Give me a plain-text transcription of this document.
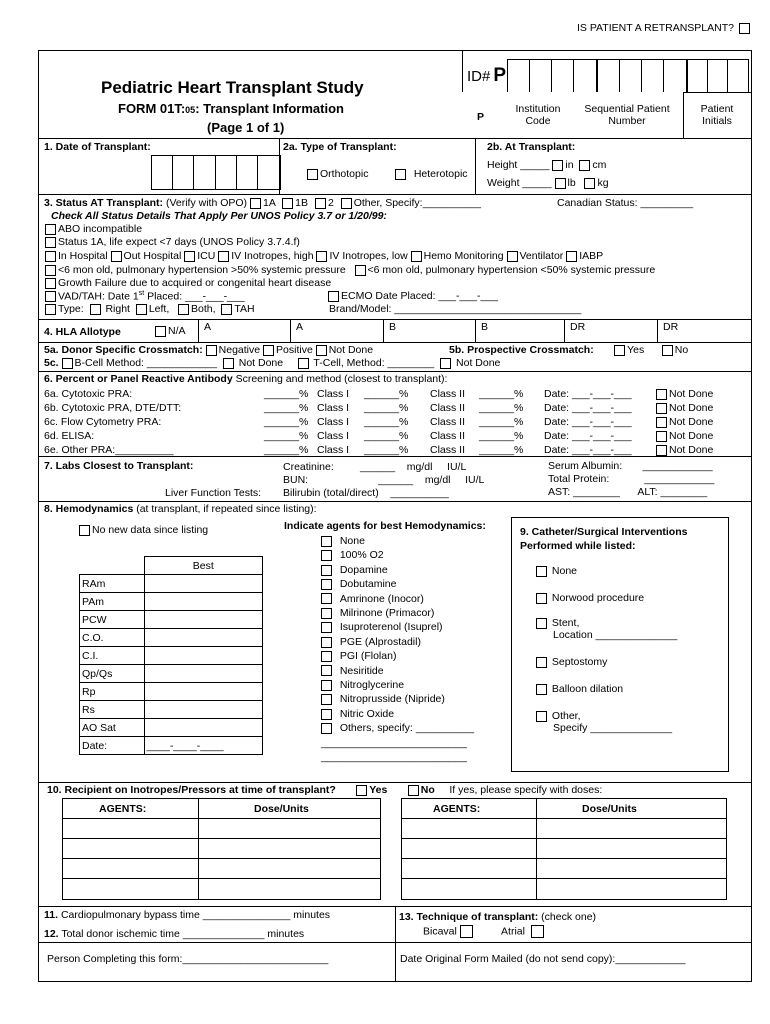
IS PATIENT A RETRANSPLANT?
Pediatric Heart Transplant Study
FORM 01T:05: Transplant Information
(Page 1 of 1)
ID# P
P
Institution Code
Sequential Patient Number
Patient Initials
1. Date of Transplant:	2a. Type of Transplant:
Orthotopic	Heterotopic
2b. At Transplant:
Height _____ in cm
Weight _____ lb kg
3. Status AT Transplant: (Verify with OPO) 1A 1B 2 Other, Specify:__________	Canadian Status: _________
Check All Status Details That Apply Per UNOS Policy 3.7 or 1/20/99:
ABO incompatible
Status 1A, life expect <7 days (UNOS Policy 3.7.4.f)
In Hospital Out Hospital ICU IV Inotropes, high IV Inotropes, low Hemo Monitoring Ventilator IABP
<6 mon old, pulmonary hypertension >50% systemic pressure <6 mon old, pulmonary hypertension <50% systemic pressure
Growth Failure due to acquired or congenital heart disease
VAD/TAH: Date 1st Placed: ___-___-___	ECMO Date Placed: ___-___-___
Type: Right Left, Both, TAH	Brand/Model: ________________________________
4. HLA Allotype	N/A A	A	B	B	DR	DR
5a. Donor Specific Crossmatch: Negative Positive Not Done	5b. Prospective Crossmatch:	Yes	No
5c. B-Cell Method: ____________ Not Done	T-Cell, Method: ________ Not Done
6. Percent or Panel Reactive Antibody Screening and method (closest to transplant):
6a. Cytotoxic PRA:	______% Class I ______% Class II ______% Date: ___-___-___	Not Done
6b. Cytotoxic PRA, DTE/DTT:	______% Class I ______% Class II ______% Date: ___-___-___	Not Done
6c. Flow Cytometry PRA:	______% Class I ______% Class II ______% Date: ___-___-___	Not Done
6d. ELISA:	______% Class I ______% Class II ______% Date: ___-___-___	Not Done
6e. Other PRA:__________	______% Class I ______% Class II ______% Date: ___-___-___	Not Done
7. Labs Closest to Transplant:	Creatinine:	______ mg/dl IU/L
BUN:	______ mg/dl IU/L
Liver Function Tests: Bilirubin (total/direct) __________
Serum Albumin: ____________
Total Protein:	____________
AST: ________ ALT: ________
8. Hemodynamics (at transplant, if repeated since listing):
No new data since listing
	Best
RAm	
PAm	
PCW	
C.O.	
C.I.	
Qp/Qs	
Rp	
Rs	
AO Sat	
Date:	____-____-____
Indicate agents for best Hemodynamics:
None
100% O2
Dopamine
Dobutamine
Amrinone (Inocor)
Milrinone (Primacor)
Isuproterenol (Isuprel)
PGE (Alprostadil)
PGI (Flolan)
Nesiritide
Nitroglycerine
Nitroprusside (Nipride)
Nitric Oxide
Others, specify: __________
_________________________
_________________________
9. Catheter/Surgical Interventions Performed while listed:
None
Norwood procedure
Stent,
Location ______________
Septostomy
Balloon dilation
Other,
Specify ______________
10. Recipient on Inotropes/Pressors at time of transplant?	Yes	No If yes, please specify with doses:
AGENTS:	Dose/Units	AGENTS:	Dose/Units
11. Cardiopulmonary bypass time _______________ minutes
12. Total donor ischemic time ______________ minutes
13. Technique of transplant: (check one)
Bicaval	Atrial
Person Completing this form:_________________________	Date Original Form Mailed (do not send copy):____________
